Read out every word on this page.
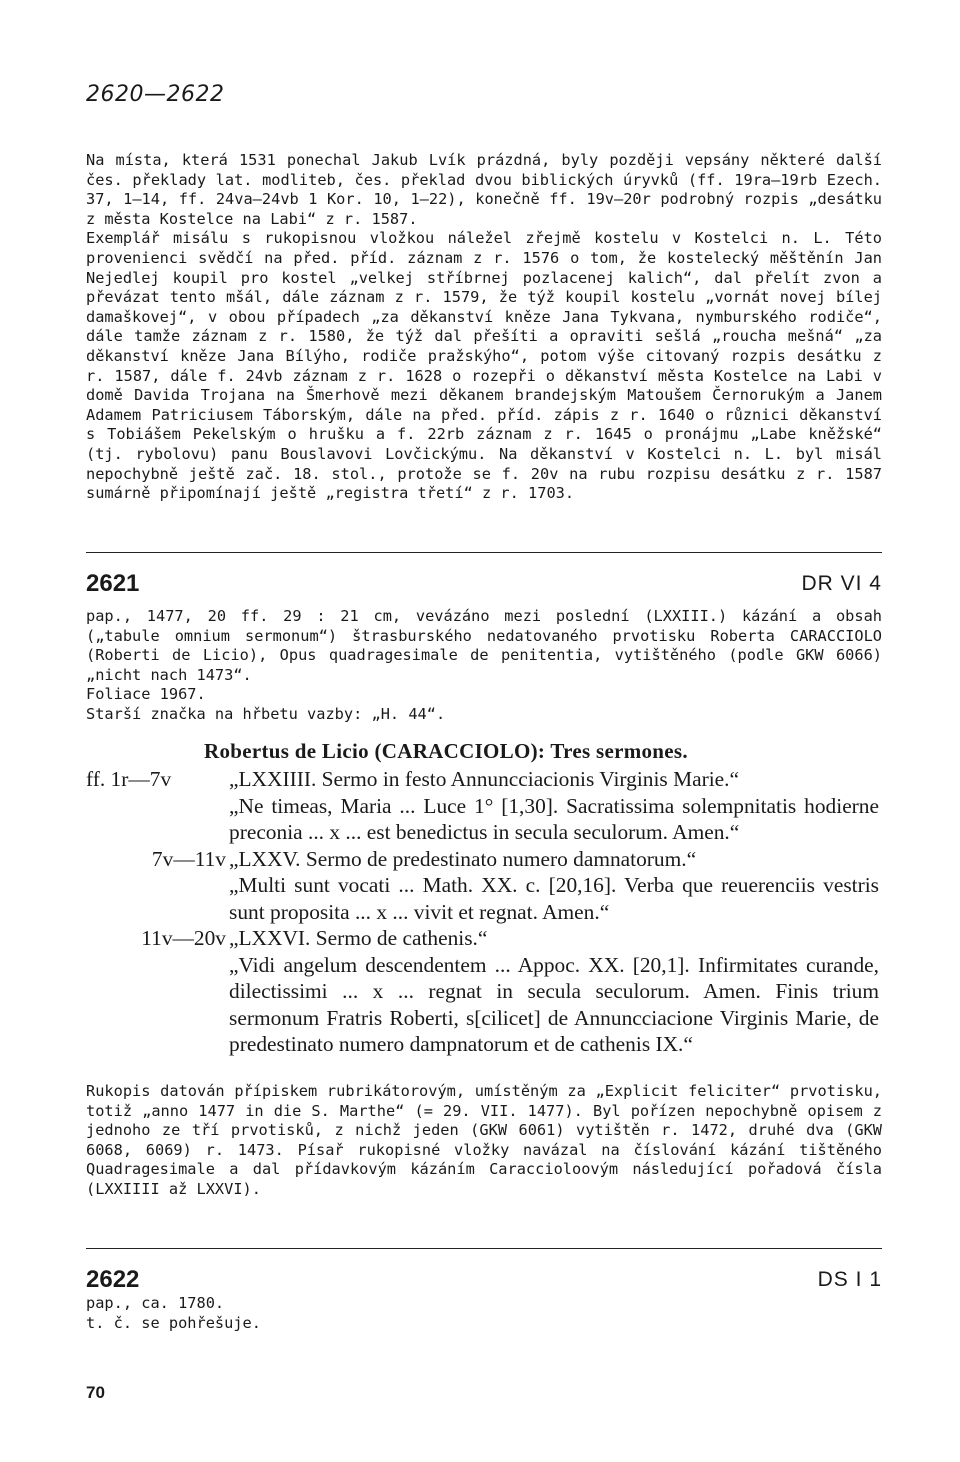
2620—2622

Na místa, která 1531 ponechal Jakub Lvík prázdná, byly později vepsány některé další čes. překlady lat. modliteb, čes. překlad dvou biblických úryvků (ff. 19ra—19rb Ezech. 37, 1—14, ff. 24va—24vb 1 Kor. 10, 1—22), konečně ff. 19v—20r podrobný rozpis „desátku z města Kostelce na Labi“ z r. 1587.

Exemplář misálu s rukopisnou vložkou náležel zřejmě kostelu v Kostelci n. L. Této provenienci svědčí na před. příd. záznam z r. 1576 o tom, že kostelecký měštěnín Jan Nejedlej koupil pro kostel „velkej stříbrnej pozlacenej kalich“, dal přelít zvon a převázat tento mšál, dále záznam z r. 1579, že týž koupil kostelu „vornát novej bílej damaškovej“, v obou případech „za děkanství kněze Jana Tykvana, nymburského rodiče“, dále tamže záznam z r. 1580, že týž dal přešíti a opraviti sešlá „roucha mešná“ „za děkanství kněze Jana Bílýho, rodiče pražskýho“, potom výše citovaný rozpis desátku z r. 1587, dále f. 24vb záznam z r. 1628 o rozepři o děkanství města Kostelce na Labi v domě Davida Trojana na Šmerhově mezi děkanem brandejským Matoušem Černorukým a Janem Adamem Patriciusem Táborským, dále na před. příd. zápis z r. 1640 o různici děkanství s Tobiášem Pekelským o hrušku a f. 22rb záznam z r. 1645 o pronájmu „Labe kněžské“ (tj. rybolovu) panu Bouslavovi Lovčickýmu. Na děkanství v Kostelci n. L. byl misál nepochybně ještě zač. 18. stol., protože se f. 20v na rubu rozpisu desátku z r. 1587 sumárně připomínají ještě „registra třetí“ z r. 1703.

2621	DR VI 4

pap., 1477, 20 ff. 29 : 21 cm, vevázáno mezi poslední (LXXIII.) kázání a obsah („tabule omnium sermonum“) štrasburského nedatovaného prvotisku Roberta CARACCIOLO (Roberti de Licio), Opus quadragesimale de penitentia, vytištěného (podle GKW 6066) „nicht nach 1473“.

Foliace 1967.

Starší značka na hřbetu vazby: „H. 44“.

Robertus de Licio (CARACCIOLO): Tres sermones.
ff. 1r—7v	„LXXIIII. Sermo in festo Annuncciacionis Virginis Marie.“

„Ne timeas, Maria ... Luce 1° [1,30]. Sacratissima solempnitatis hodierne preconia ... x ... est benedictus in secula seculorum. Amen.“

7v—11v „LXXV. Sermo de predestinato numero damnatorum.“

„Multi sunt vocati ... Math. XX. c. [20,16]. Verba que reuerenciis vestris sunt proposita ... x ... vivit et regnat. Amen.“

11v—20v „LXXVI. Sermo de cathenis.“

„Vidi angelum descendentem ... Appoc. XX. [20,1]. Infirmitates curande, dilectissimi ... x ... regnat in secula seculorum. Amen. Finis trium sermonum Fratris Roberti, s[cilicet] de Annuncciacione Virginis Marie, de predestinato numero dampnatorum et de cathenis IX.“

Rukopis datován přípiskem rubrikátorovým, umístěným za „Explicit feliciter“ prvotisku, totiž „anno 1477 in die S. Marthe“ (= 29. VII. 1477). Byl pořízen nepochybně opisem z jednoho ze tří prvotisků, z nichž jeden (GKW 6061) vytištěn r. 1472, druhé dva (GKW 6068, 6069) r. 1473. Písař rukopisné vložky navázal na číslování kázání tištěného Quadragesimale a dal přídavkovým kázáním Caraccioloovým následující pořadová čísla (LXXIIII až LXXVI).

2622	DS I 1

pap., ca. 1780.

t. č. se pohřešuje.

70
